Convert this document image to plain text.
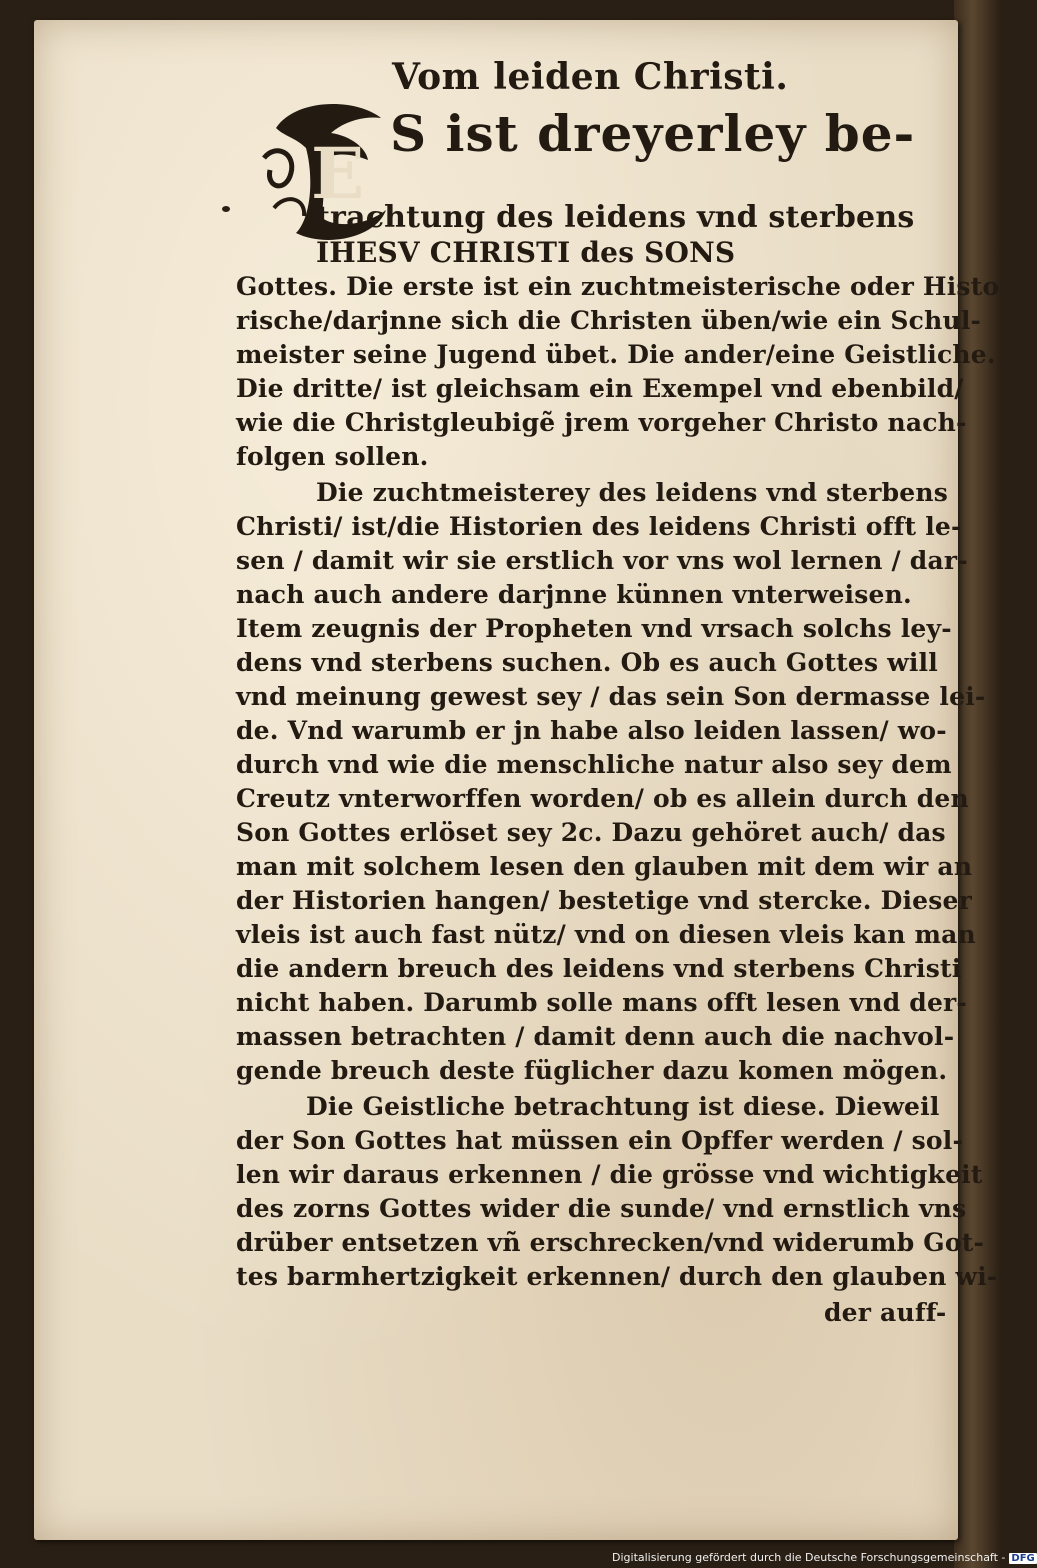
Vom leiden Christi.
E S ist dreyerley be-
trachtung des leidens vnd sterbens
IHESV CHRISTI des SONS
Gottes. Die erste ist ein zuchtmeisterische oder Histo
rische/darjnne sich die Christen üben/wie ein Schul-
meister seine Jugend übet. Die ander/eine Geistliche.
Die dritte/ ist gleichsam ein Exempel vnd ebenbild/
wie die Christgleubigẽ jrem vorgeher Christo nach-
folgen sollen.
Die zuchtmeisterey des leidens vnd sterbens
Christi/ ist/die Historien des leidens Christi offt le-
sen / damit wir sie erstlich vor vns wol lernen / dar-
nach auch andere darjnne künnen vnterweisen.
Item zeugnis der Propheten vnd vrsach solchs ley-
dens vnd sterbens suchen. Ob es auch Gottes will
vnd meinung gewest sey / das sein Son dermasse lei-
de. Vnd warumb er jn habe also leiden lassen/ wo-
durch vnd wie die menschliche natur also sey dem
Creutz vnterworffen worden/ ob es allein durch den
Son Gottes erlöset sey 2c. Dazu gehöret auch/ das
man mit solchem lesen den glauben mit dem wir an
der Historien hangen/ bestetige vnd stercke. Dieser
vleis ist auch fast nütz/ vnd on diesen vleis kan man
die andern breuch des leidens vnd sterbens Christi
nicht haben. Darumb solle mans offt lesen vnd der-
massen betrachten / damit denn auch die nachvol-
gende breuch deste füglicher dazu komen mögen.
Die Geistliche betrachtung ist diese. Dieweil
der Son Gottes hat müssen ein Opffer werden / sol-
len wir daraus erkennen / die grösse vnd wichtigkeit
des zorns Gottes wider die sunde/ vnd ernstlich vns
drüber entsetzen vñ erschrecken/vnd widerumb Got-
tes barmhertzigkeit erkennen/ durch den glauben wi-
der auff-
Digitalisierung gefördert durch die Deutsche Forschungsgemeinschaft - DFG
